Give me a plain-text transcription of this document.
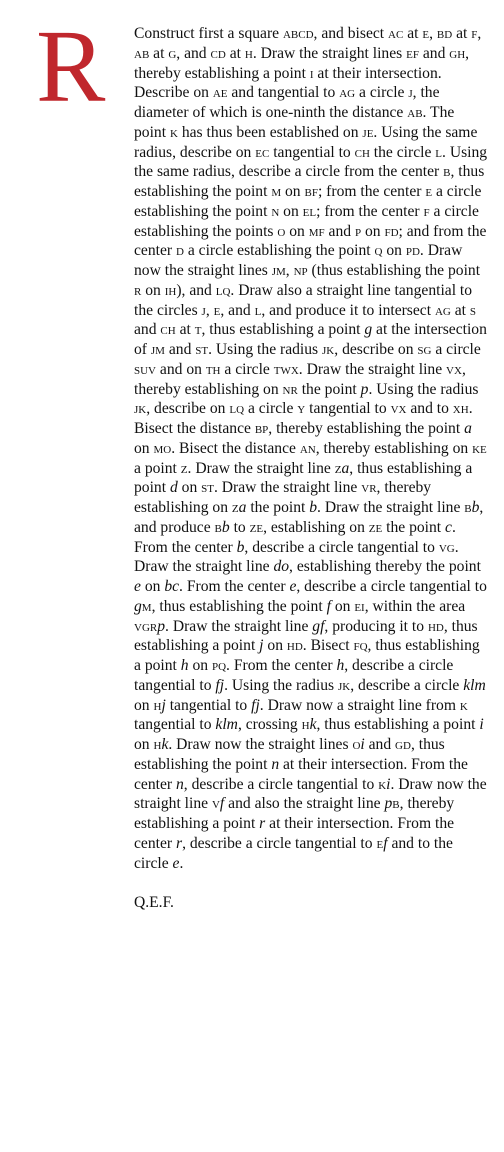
R Construct first a square abcd, and bisect ac at e, bd at f, ab at g, and cd at h. Draw the straight lines ef and gh, thereby establishing a point i at their intersection. Describe on ae and tangential to ag a circle j, the diameter of which is one-ninth the distance ab. The point k has thus been established on je. Using the same radius, describe on ec tangential to ch the circle l. Using the same radius, describe a circle from the center b, thus establishing the point m on bf; from the center e a circle establishing the point n on el; from the center f a circle establishing the points o on mf and p on fd; and from the center d a circle establishing the point q on pd. Draw now the straight lines jm, np (thus establishing the point r on ih), and lq. Draw also a straight line tangential to the circles j, e, and l, and produce it to intersect ag at s and ch at t, thus establishing a point g at the intersection of jm and st. Using the radius jk, describe on sg a circle suv and on th a circle twx. Draw the straight line vx, thereby establishing on nr the point p. Using the radius jk, describe on lq a circle y tangential to vx and to xh. Bisect the distance bp, thereby establishing the point a on mo. Bisect the distance an, thereby establishing on ke a point z. Draw the straight line za, thus establishing a point d on st. Draw the straight line vr, thereby establishing on za the point b. Draw the straight line bb, and produce bb to ze, establishing on ze the point c. From the center b, describe a circle tangential to vg. Draw the straight line do, establishing thereby the point e on bc. From the center e, describe a circle tangential to gm, thus establishing the point f on ei, within the area vgrp. Draw the straight line gf, producing it to hd, thus establishing a point j on hd. Bisect fq, thus establishing a point h on pq. From the center h, describe a circle tangential to fj. Using the radius jk, describe a circle klm on hj tangential to fj. Draw now a straight line from k tangential to klm, crossing hk, thus establishing a point i on hk. Draw now the straight lines oi and gd, thus establishing the point n at their intersection. From the center n, describe a circle tangential to ki. Draw now the straight line vf and also the straight line pb, thereby establishing a point r at their intersection. From the center r, describe a circle tangential to ef and to the circle e.

Q.E.F.
